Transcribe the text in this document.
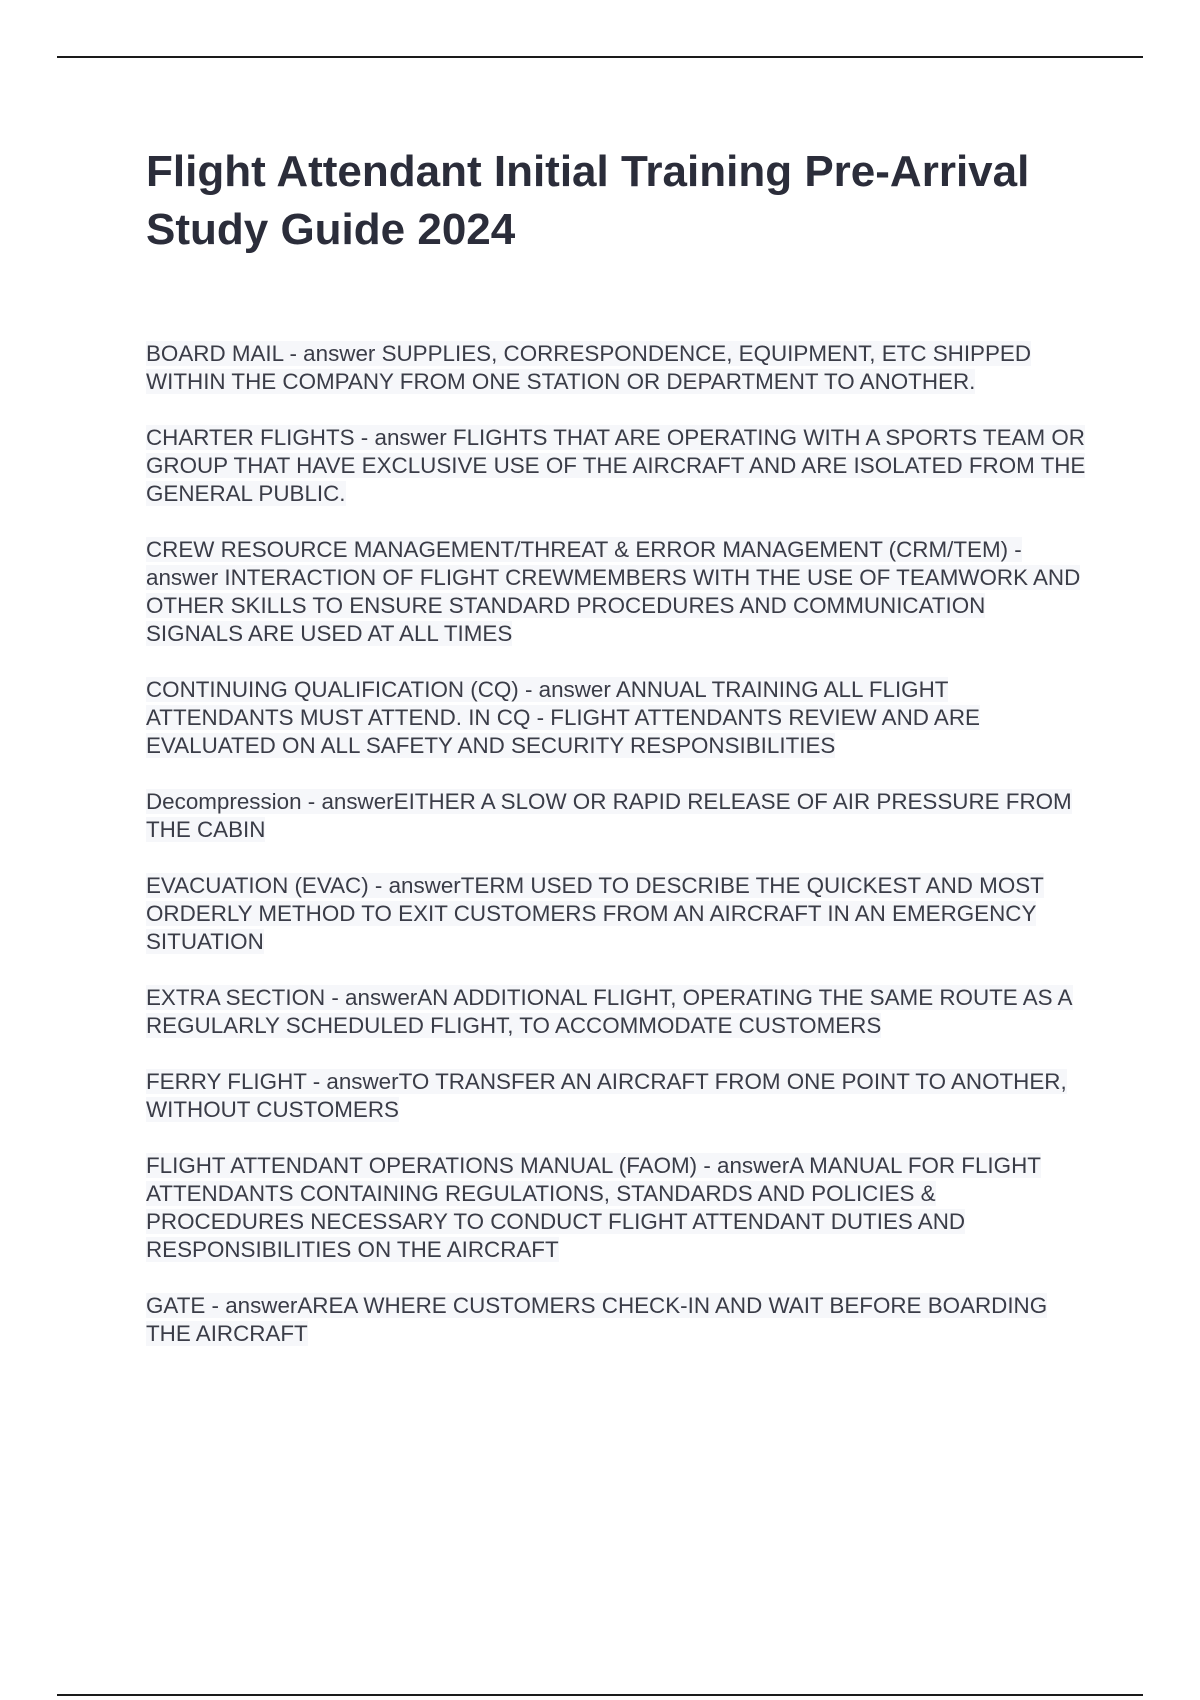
Flight Attendant Initial Training Pre-Arrival Study Guide 2024

BOARD MAIL - answer SUPPLIES, CORRESPONDENCE, EQUIPMENT, ETC SHIPPED WITHIN THE COMPANY FROM ONE STATION OR DEPARTMENT TO ANOTHER.

CHARTER FLIGHTS - answer FLIGHTS THAT ARE OPERATING WITH A SPORTS TEAM OR GROUP THAT HAVE EXCLUSIVE USE OF THE AIRCRAFT AND ARE ISOLATED FROM THE GENERAL PUBLIC.

CREW RESOURCE MANAGEMENT/THREAT & ERROR MANAGEMENT (CRM/TEM) - answer INTERACTION OF FLIGHT CREWMEMBERS WITH THE USE OF TEAMWORK AND OTHER SKILLS TO ENSURE STANDARD PROCEDURES AND COMMUNICATION SIGNALS ARE USED AT ALL TIMES

CONTINUING QUALIFICATION (CQ) - answer ANNUAL TRAINING ALL FLIGHT ATTENDANTS MUST ATTEND. IN CQ - FLIGHT ATTENDANTS REVIEW AND ARE EVALUATED ON ALL SAFETY AND SECURITY RESPONSIBILITIES

Decompression - answerEITHER A SLOW OR RAPID RELEASE OF AIR PRESSURE FROM THE CABIN

EVACUATION (EVAC) - answerTERM USED TO DESCRIBE THE QUICKEST AND MOST ORDERLY METHOD TO EXIT CUSTOMERS FROM AN AIRCRAFT IN AN EMERGENCY SITUATION

EXTRA SECTION - answerAN ADDITIONAL FLIGHT, OPERATING THE SAME ROUTE AS A REGULARLY SCHEDULED FLIGHT, TO ACCOMMODATE CUSTOMERS

FERRY FLIGHT - answerTO TRANSFER AN AIRCRAFT FROM ONE POINT TO ANOTHER, WITHOUT CUSTOMERS

FLIGHT ATTENDANT OPERATIONS MANUAL (FAOM) - answerA MANUAL FOR FLIGHT ATTENDANTS CONTAINING REGULATIONS, STANDARDS AND POLICIES & PROCEDURES NECESSARY TO CONDUCT FLIGHT ATTENDANT DUTIES AND RESPONSIBILITIES ON THE AIRCRAFT

GATE - answerAREA WHERE CUSTOMERS CHECK-IN AND WAIT BEFORE BOARDING THE AIRCRAFT
